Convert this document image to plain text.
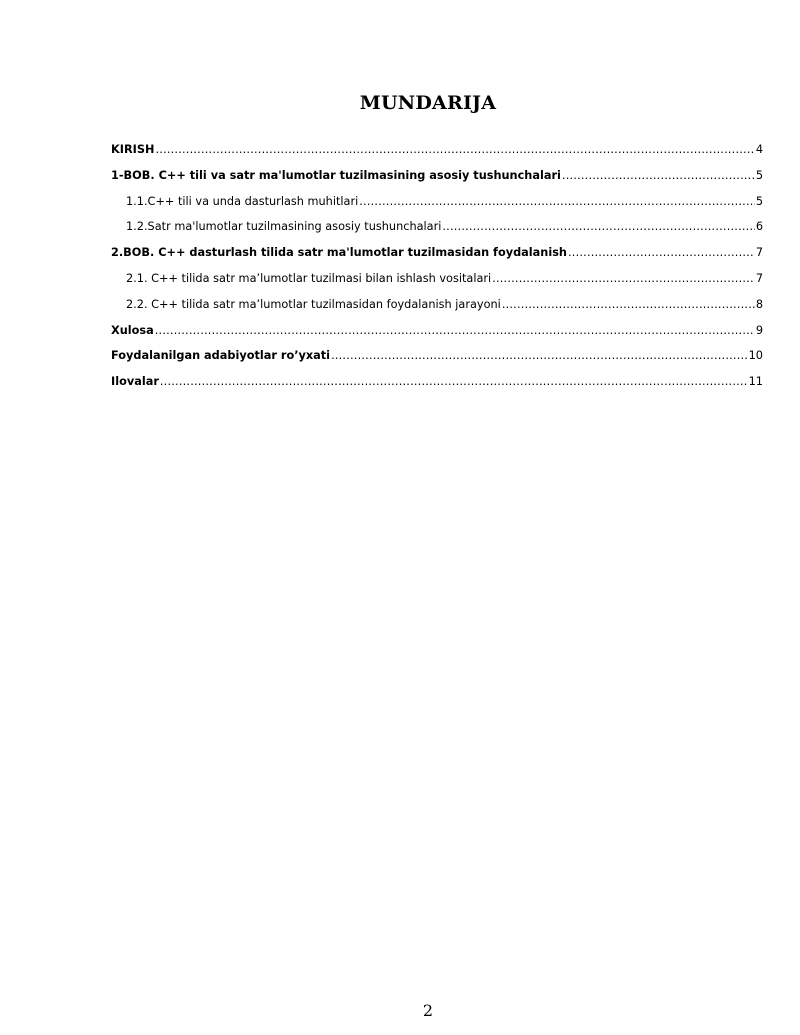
MUNDARIJA
KIRISH .....	4
1-BOB. C++ tili va satr ma'lumotlar tuzilmasining asosiy tushunchalari .....	5
1.1.C++ tili va unda dasturlash muhitlari .....	5
1.2.Satr ma'lumotlar tuzilmasining asosiy tushunchalari .....	6
2.BOB. C++ dasturlash tilida satr ma'lumotlar tuzilmasidan foydalanish .....	7
2.1. C++ tilida satr ma’lumotlar tuzilmasi bilan ishlash vositalari .....	7
2.2. C++ tilida satr ma’lumotlar tuzilmasidan foydalanish jarayoni .....	8
Xulosa .....	9
Foydalanilgan adabiyotlar ro’yxati .....	10
Ilovalar .....	11
2
